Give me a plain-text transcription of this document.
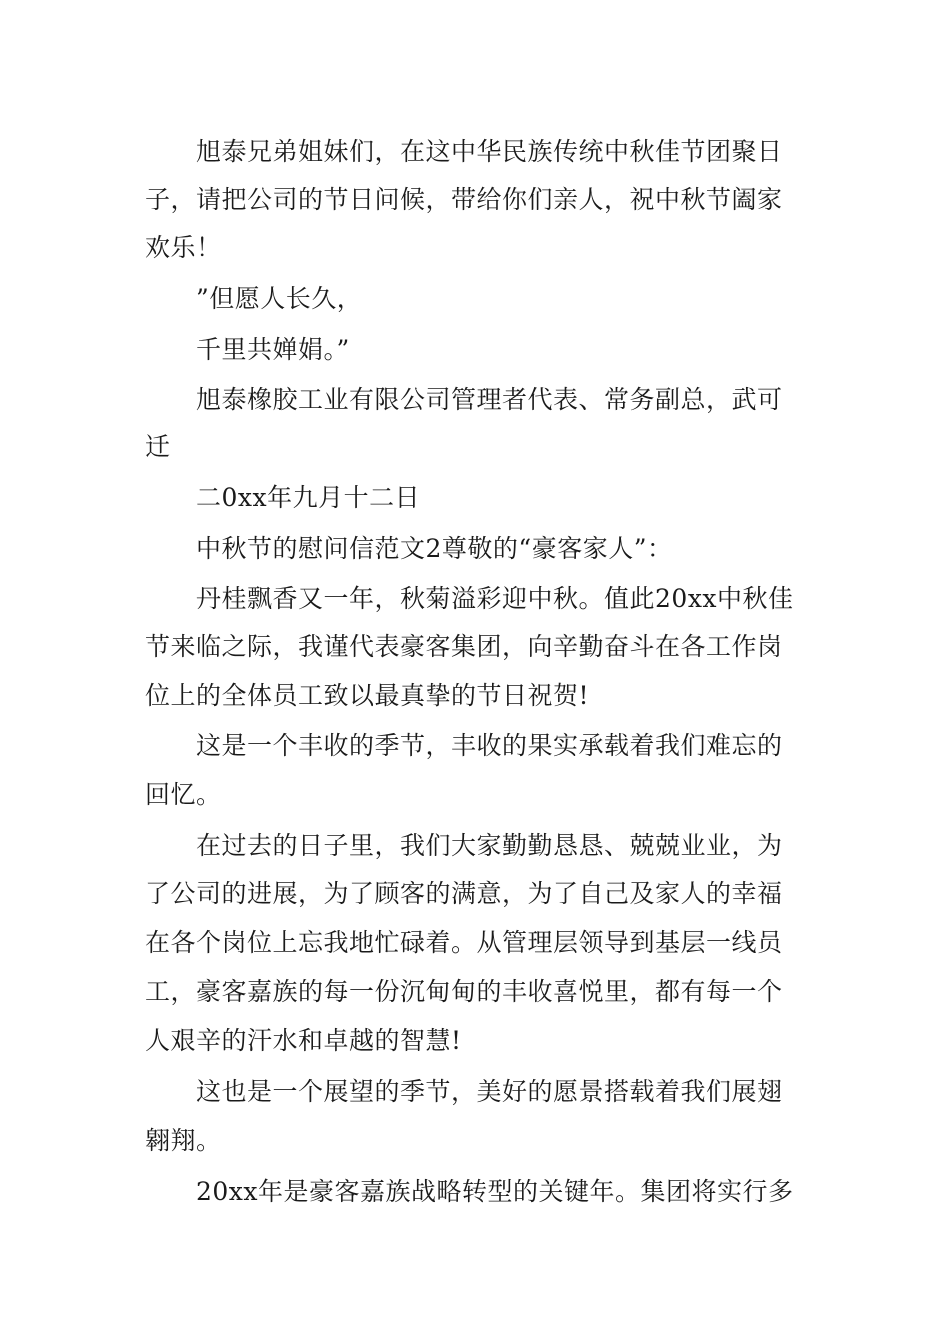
旭泰兄弟姐妹们，在这中华民族传统中秋佳节团聚日
子，请把公司的节日问候，带给你们亲人，祝中秋节阖家
欢乐！
”但愿人长久，
千里共婵娟。”
旭泰橡胶工业有限公司管理者代表、常务副总，武可
迁
二0xx年九月十二日
中秋节的慰问信范文2尊敬的“豪客家人”：
丹桂飘香又一年，秋菊溢彩迎中秋。值此20xx中秋佳
节来临之际，我谨代表豪客集团，向辛勤奋斗在各工作岗
位上的全体员工致以最真挚的节日祝贺!
这是一个丰收的季节，丰收的果实承载着我们难忘的
回忆。
在过去的日子里，我们大家勤勤恳恳、兢兢业业，为
了公司的进展，为了顾客的满意，为了自己及家人的幸福
在各个岗位上忘我地忙碌着。从管理层领导到基层一线员
工，豪客嘉族的每一份沉甸甸的丰收喜悦里，都有每一个
人艰辛的汗水和卓越的智慧!
这也是一个展望的季节，美好的愿景搭载着我们展翅
翱翔。
20xx年是豪客嘉族战略转型的关键年。集团将实行多
